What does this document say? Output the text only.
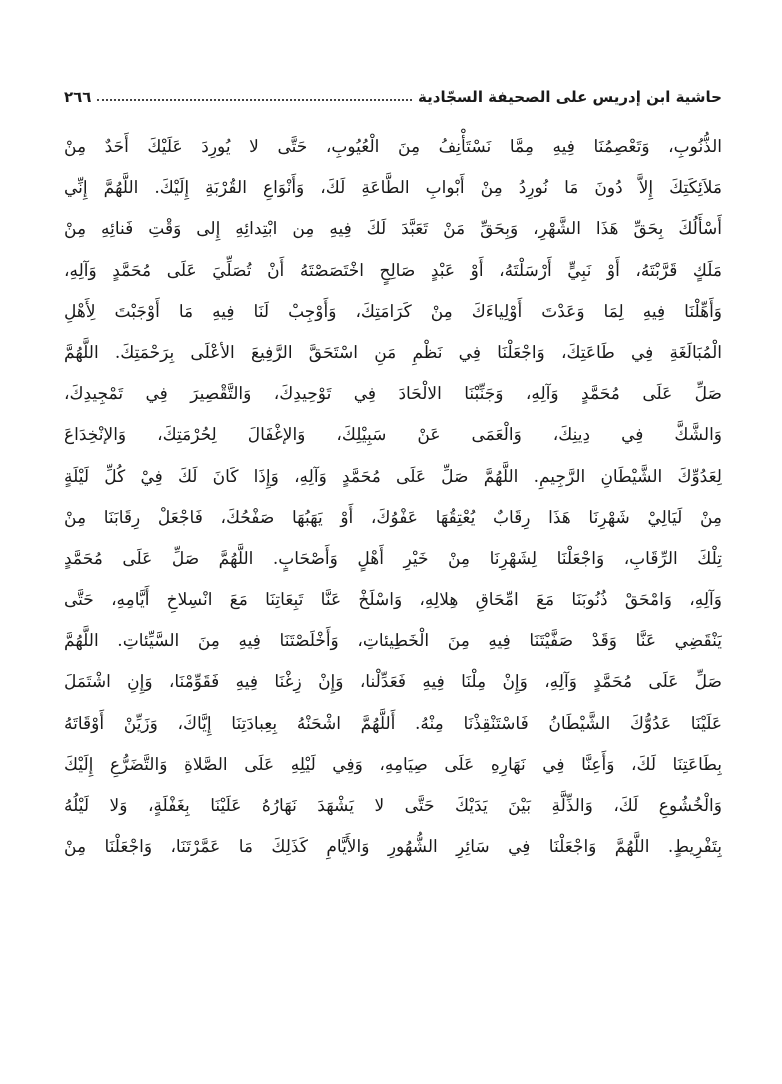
حاشية ابن إدريس على الصحيفة السجّادية
٢٦٦
الذُّنُوبِ، وَتَعْصِمُنَا فِيهِ مِمَّا نَسْتَأْنِفُ مِنَ الْعُيُوبِ، حَتَّى لا يُورِدَ عَلَيْكَ أَحَدٌ مِنْ
مَلاَئِكَتِكَ إِلاَّ دُونَ مَا نُورِدُ مِنْ أَبْوابِ الطَّاعَةِ لَكَ، وَأَنْوَاعِ القُرْبَةِ إِلَيْكَ. اللَّهُمَّ إِنِّي
أَسْأَلُكَ بِحَقِّ هَذَا الشَّهْرِ، وَبِحَقِّ مَنْ تَعَبَّدَ لَكَ فِيهِ مِن ابْتِدائِهِ إِلى وَقْتِ فَنائِهِ مِنْ
مَلَكٍ قَرَّبْتَهُ، أَوْ نَبِيٍّ أَرْسَلْتَهُ، أَوْ عَبْدٍ صَالِحٍ اخْتَصَصْتَهُ أَنْ تُصَلِّيَ عَلَى مُحَمَّدٍ وَآلِهِ،
وَأَهِّلْنَا فِيهِ لِمَا وَعَدْتَ أَوْلِياءَكَ مِنْ كَرَامَتِكَ، وَأَوْجِبْ لَنَا فِيهِ مَا أَوْجَبْتَ لِأَهْلِ
الْمُبَالَغَةِ فِي طَاعَتِكَ، وَاجْعَلْنَا فِي نَظْمِ مَنِ اسْتَحَقَّ الرَّفِيعَ الأعْلَى بِرَحْمَتِكَ. اللَّهُمَّ
صَلِّ عَلَى مُحَمَّدٍ وَآلِهِ، وَجَنِّبْنَا الالْحَادَ فِي تَوْحِيدِكَ، وَالتَّقْصِيرَ فِي تَمْجِيدِكَ،
وَالشَّكَّ فِي دِينِكَ، وَالْعَمَى عَنْ سَبِيْلِكَ، وَالإغْفَالَ لِحُرْمَتِكَ، وَالإنْخِدَاعَ
لِعَدُوِّكَ الشَّيْطَانِ الرَّجِيمِ. اللَّهُمَّ صَلِّ عَلَى مُحَمَّدٍ وَآلِهِ، وَإِذَا كَانَ لَكَ فِيْ كُلِّ لَيْلَةٍ
مِنْ لَيَالِيْ شَهْرِنَا هَذَا رِقَابٌ يُعْتِقُهَا عَفْوُكَ، أَوْ يَهَبُهَا صَفْحُكَ، فَاجْعَلْ رِقَابَنَا مِنْ
تِلْكَ الرِّقَابِ، وَاجْعَلْنَا لِشَهْرِنَا مِنْ خَيْرِ أَهْلٍ وَأَصْحَابٍ. اللَّهُمَّ صَلِّ عَلَى مُحَمَّدٍ
وَآلِهِ، وَامْحَقْ ذُنُوبَنَا مَعَ امِّحَاقِ هِلالِهِ، وَاسْلَخْ عَنَّا تَبِعَاتِنَا مَعَ انْسِلاخِ أَيَّامِهِ، حَتَّى
يَنْقَضِي عَنَّا وَقَدْ صَفَّيْتَنَا فِيهِ مِنَ الْخَطِيئاتِ، وَأَخْلَصْتَنَا فِيهِ مِنَ السَّيِّئاتِ. اللَّهُمَّ
صَلِّ عَلَى مُحَمَّدٍ وَآلِهِ، وَإِنْ مِلْنَا فِيهِ فَعَدِّلْنا، وَإِنْ زِغْنَا فِيهِ فَقَوِّمْنَا، وَإِنِ اشْتَمَلَ
عَلَيْنَا عَدُوُّكَ الشَّيْطَانُ فَاسْتَنْقِذْنَا مِنْهُ. أَللَّهُمَّ اشْحَنْهُ بِعِبادَتِنَا إِيَّاكَ، وَزَيِّنْ أَوْقَاتَهُ
بِطَاعَتِنَا لَكَ، وَأَعِنَّا فِي نَهَارِهِ عَلَى صِيَامِهِ، وَفِي لَيْلِهِ عَلَى الصَّلاةِ وَالتَّضَرُّعِ إِلَيْكَ
وَالْخُشُوعِ لَكَ، وَالذِّلَّةِ بَيْنَ يَدَيْكَ حَتَّى لا يَشْهَدَ نَهَارُهُ عَلَيْنَا بِغَفْلَةٍ، وَلا لَيْلُهُ
بِتَفْرِيطٍ. اللَّهُمَّ وَاجْعَلْنَا فِي سَائِرِ الشُّهُورِ وَالأَيَّامِ كَذَلِكَ مَا عَمَّرْتَنَا، وَاجْعَلْنَا مِنْ
